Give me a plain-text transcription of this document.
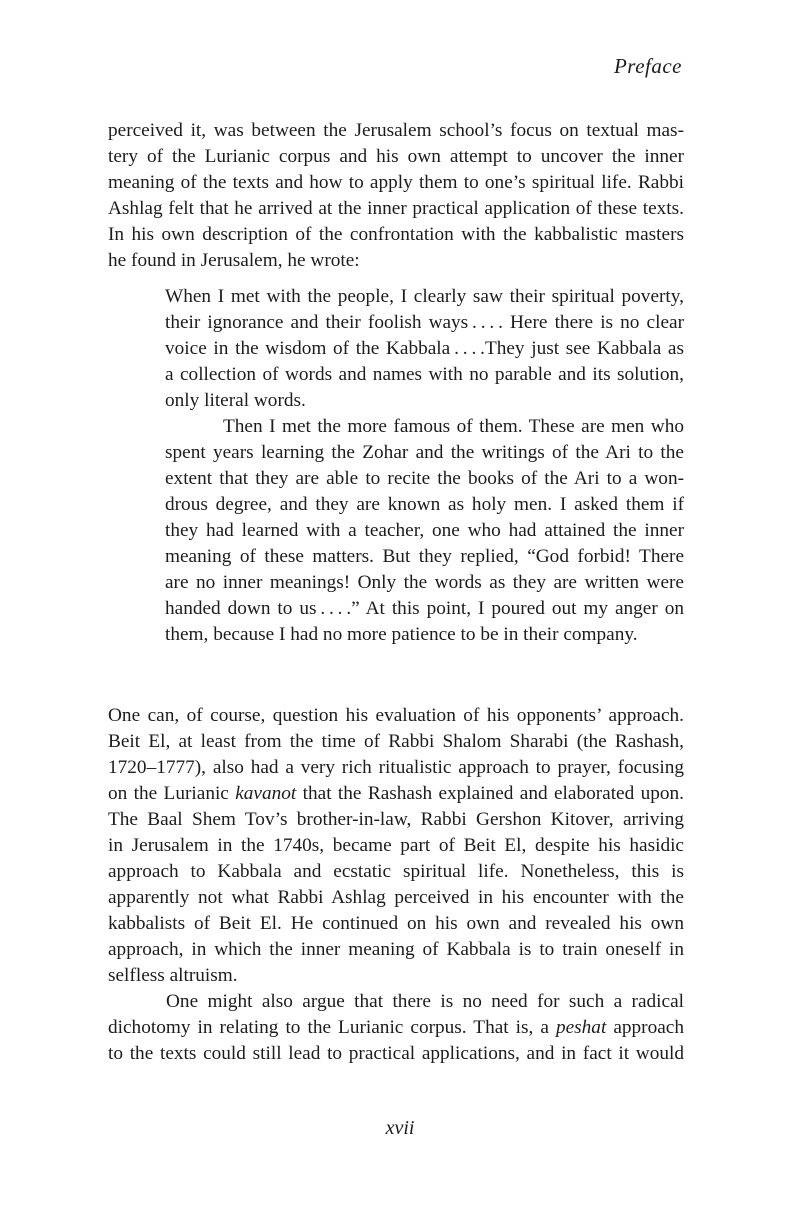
Preface
perceived it, was between the Jerusalem school’s focus on textual mas-
tery of the Lurianic corpus and his own attempt to uncover the inner
meaning of the texts and how to apply them to one’s spiritual life. Rabbi
Ashlag felt that he arrived at the inner practical application of these texts.
In his own description of the confrontation with the kabbalistic masters
he found in Jerusalem, he wrote:
When I met with the people, I clearly saw their spiritual poverty,
their ignorance and their foolish ways . . . . Here there is no clear
voice in the wisdom of the Kabbala . . . .They just see Kabbala as
a collection of words and names with no parable and its solution,
only literal words.
Then I met the more famous of them. These are men who
spent years learning the Zohar and the writings of the Ari to the
extent that they are able to recite the books of the Ari to a won-
drous degree, and they are known as holy men. I asked them if
they had learned with a teacher, one who had attained the inner
meaning of these matters. But they replied, “God forbid! There
are no inner meanings! Only the words as they are written were
handed down to us . . . .” At this point, I poured out my anger on
them, because I had no more patience to be in their company.
One can, of course, question his evaluation of his opponents’ approach.
Beit El, at least from the time of Rabbi Shalom Sharabi (the Rashash,
1720–1777), also had a very rich ritualistic approach to prayer, focusing
on the Lurianic kavanot that the Rashash explained and elaborated upon.
The Baal Shem Tov’s brother-in-law, Rabbi Gershon Kitover, arriving
in Jerusalem in the 1740s, became part of Beit El, despite his hasidic
approach to Kabbala and ecstatic spiritual life. Nonetheless, this is
apparently not what Rabbi Ashlag perceived in his encounter with the
kabbalists of Beit El. He continued on his own and revealed his own
approach, in which the inner meaning of Kabbala is to train oneself in
selfless altruism.
One might also argue that there is no need for such a radical
dichotomy in relating to the Lurianic corpus. That is, a peshat approach
to the texts could still lead to practical applications, and in fact it would
xvii
